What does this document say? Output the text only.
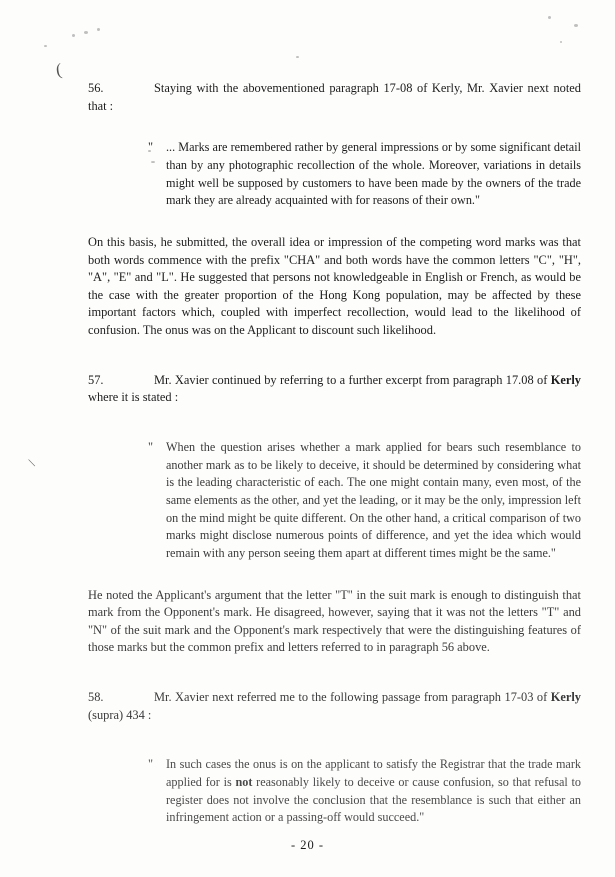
(
\

56.	Staying with the abovementioned paragraph 17-08 of Kerly, Mr. Xavier next noted that :

" ... Marks are remembered rather by general impressions or by some significant detail than by any photographic recollection of the whole. Moreover, variations in details might well be supposed by customers to have been made by the owners of the trade mark they are already acquainted with for reasons of their own."

On this basis, he submitted, the overall idea or impression of the competing word marks was that both words commence with the prefix "CHA" and both words have the common letters "C", "H", "A", "E" and "L". He suggested that persons not knowledgeable in English or French, as would be the case with the greater proportion of the Hong Kong population, may be affected by these important factors which, coupled with imperfect recollection, would lead to the likelihood of confusion. The onus was on the Applicant to discount such likelihood.

57.	Mr. Xavier continued by referring to a further excerpt from paragraph 17.08 of Kerly where it is stated :

" When the question arises whether a mark applied for bears such resemblance to another mark as to be likely to deceive, it should be determined by considering what is the leading characteristic of each. The one might contain many, even most, of the same elements as the other, and yet the leading, or it may be the only, impression left on the mind might be quite different. On the other hand, a critical comparison of two marks might disclose numerous points of difference, and yet the idea which would remain with any person seeing them apart at different times might be the same."

He noted the Applicant's argument that the letter "T" in the suit mark is enough to distinguish that mark from the Opponent's mark. He disagreed, however, saying that it was not the letters "T" and "N" of the suit mark and the Opponent's mark respectively that were the distinguishing features of those marks but the common prefix and letters referred to in paragraph 56 above.

58.	Mr. Xavier next referred me to the following passage from paragraph 17-03 of Kerly (supra) 434 :

" In such cases the onus is on the applicant to satisfy the Registrar that the trade mark applied for is not reasonably likely to deceive or cause confusion, so that refusal to register does not involve the conclusion that the resemblance is such that either an infringement action or a passing-off would succeed."

- 20 -
